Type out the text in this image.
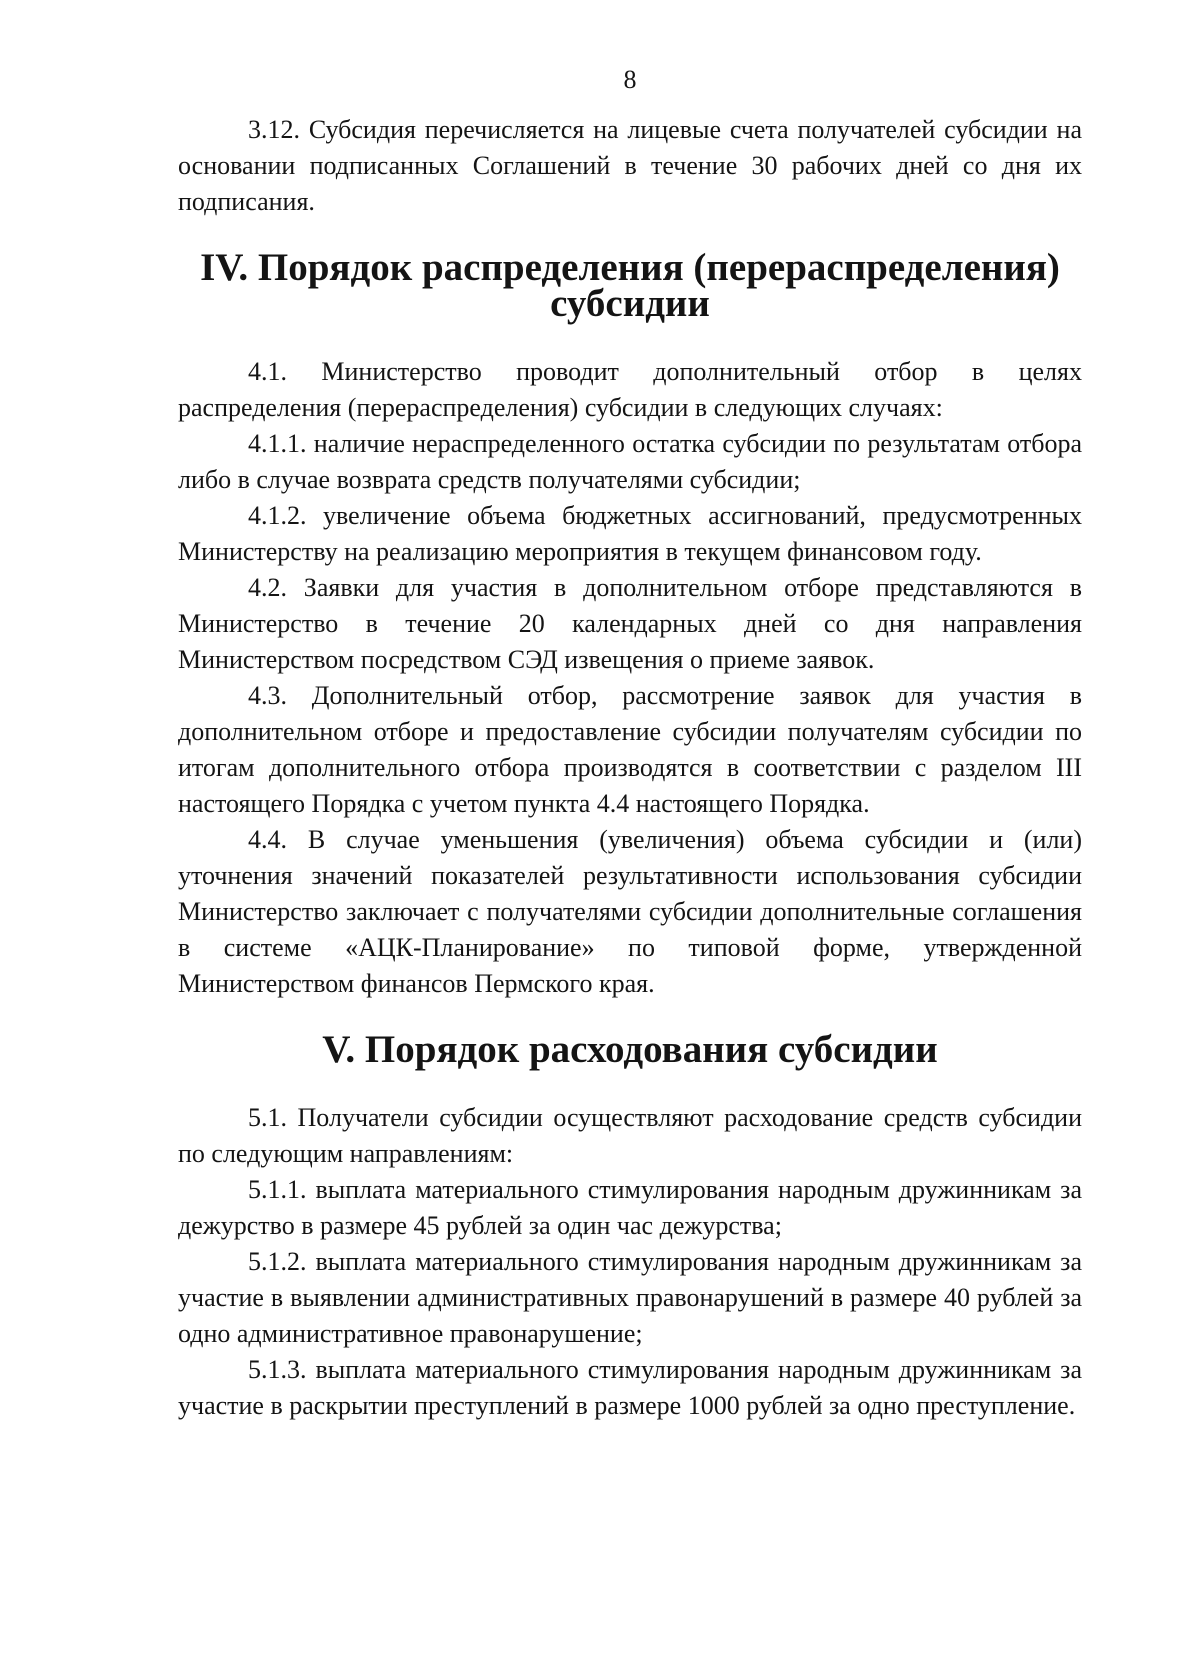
8

3.12. Субсидия перечисляется на лицевые счета получателей субсидии на основании подписанных Соглашений в течение 30 рабочих дней со дня их подписания.

IV. Порядок распределения (перераспределения) субсидии

4.1. Министерство проводит дополнительный отбор в целях распределения (перераспределения) субсидии в следующих случаях:

4.1.1. наличие нераспределенного остатка субсидии по результатам отбора либо в случае возврата средств получателями субсидии;

4.1.2. увеличение объема бюджетных ассигнований, предусмотренных Министерству на реализацию мероприятия в текущем финансовом году.

4.2. Заявки для участия в дополнительном отборе представляются в Министерство в течение 20 календарных дней со дня направления Министерством посредством СЭД извещения о приеме заявок.

4.3. Дополнительный отбор, рассмотрение заявок для участия в дополнительном отборе и предоставление субсидии получателям субсидии по итогам дополнительного отбора производятся в соответствии с разделом III настоящего Порядка с учетом пункта 4.4 настоящего Порядка.

4.4. В случае уменьшения (увеличения) объема субсидии и (или) уточнения значений показателей результативности использования субсидии Министерство заключает с получателями субсидии дополнительные соглашения в системе «АЦК-Планирование» по типовой форме, утвержденной Министерством финансов Пермского края.

V. Порядок расходования субсидии

5.1. Получатели субсидии осуществляют расходование средств субсидии по следующим направлениям:

5.1.1. выплата материального стимулирования народным дружинникам за дежурство в размере 45 рублей за один час дежурства;

5.1.2. выплата материального стимулирования народным дружинникам за участие в выявлении административных правонарушений в размере 40 рублей за одно административное правонарушение;

5.1.3. выплата материального стимулирования народным дружинникам за участие в раскрытии преступлений в размере 1000 рублей за одно преступление.
